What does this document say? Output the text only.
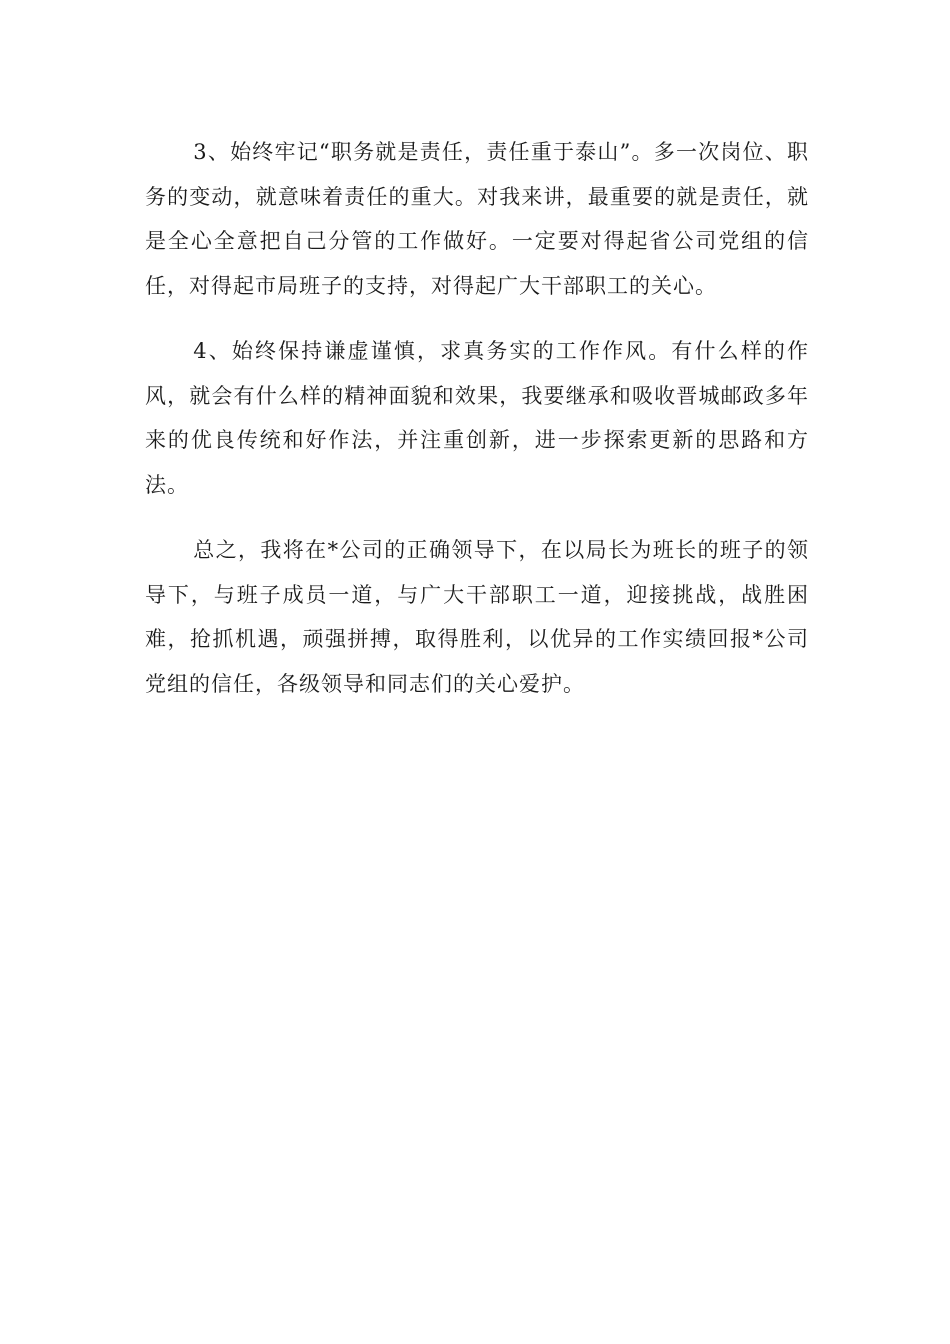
3、始终牢记“职务就是责任，责任重于泰山”。多一次岗位、职务的变动，就意味着责任的重大。对我来讲，最重要的就是责任，就是全心全意把自己分管的工作做好。一定要对得起省公司党组的信任，对得起市局班子的支持，对得起广大干部职工的关心。

4、始终保持谦虚谨慎，求真务实的工作作风。有什么样的作风，就会有什么样的精神面貌和效果，我要继承和吸收晋城邮政多年来的优良传统和好作法，并注重创新，进一步探索更新的思路和方法。

总之，我将在*公司的正确领导下，在以局长为班长的班子的领导下，与班子成员一道，与广大干部职工一道，迎接挑战，战胜困难，抢抓机遇，顽强拼搏，取得胜利，以优异的工作实绩回报*公司党组的信任，各级领导和同志们的关心爱护。
